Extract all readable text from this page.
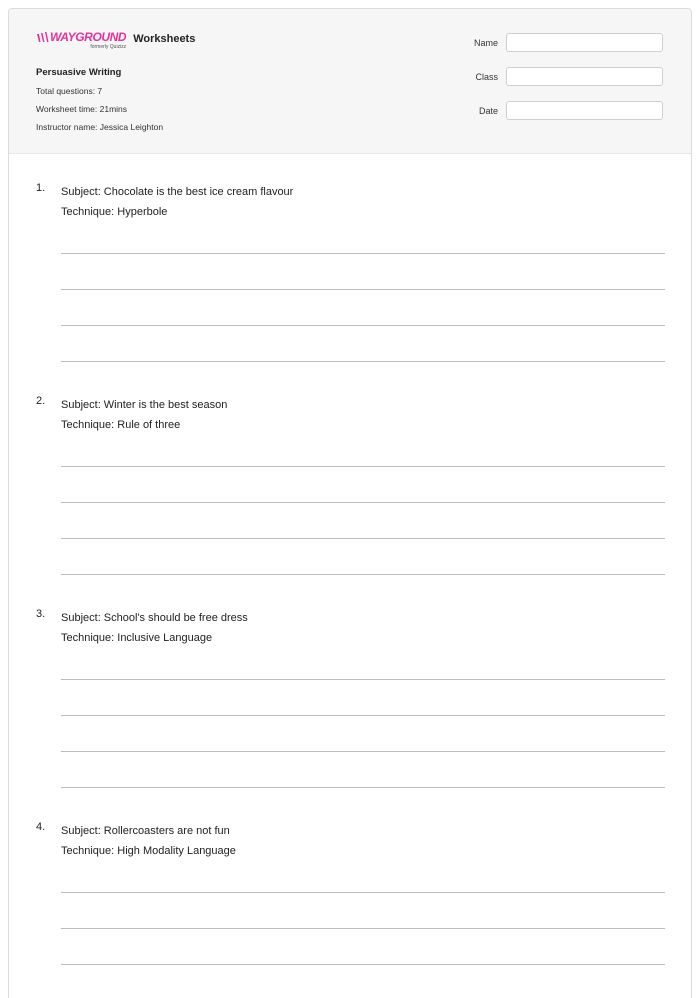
WAYGROUND
formerly Quizizz
Worksheets
Persuasive Writing
Total questions: 7
Worksheet time: 21mins
Instructor name: Jessica Leighton
Name
Class
Date
1. Subject: Chocolate is the best ice cream flavour
Technique: Hyperbole
2. Subject: Winter is the best season
Technique: Rule of three
3. Subject: School's should be free dress
Technique: Inclusive Language
4. Subject: Rollercoasters are not fun
Technique: High Modality Language
